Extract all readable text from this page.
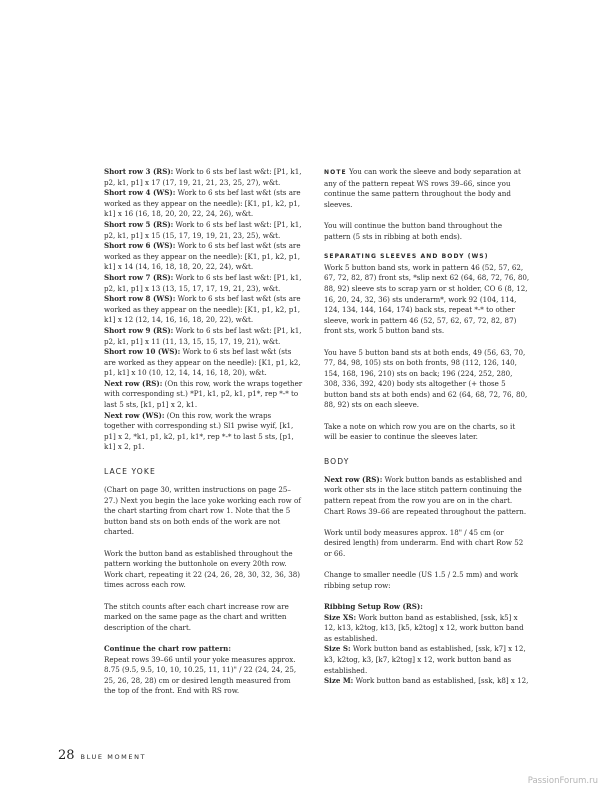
Short row 3 (RS): Work to 6 sts bef last w&t: [P1, k1, p2, k1, p1] x 17 (17, 19, 21, 21, 23, 25, 27), w&t.

Short row 4 (WS): Work to 6 sts bef last w&t (sts are worked as they appear on the needle): [K1, p1, k2, p1, k1] x 16 (16, 18, 20, 20, 22, 24, 26), w&t.

Short row 5 (RS): Work to 6 sts bef last w&t: [P1, k1, p2, k1, p1] x 15 (15, 17, 19, 19, 21, 23, 25), w&t.

Short row 6 (WS): Work to 6 sts bef last w&t (sts are worked as they appear on the needle): [K1, p1, k2, p1, k1] x 14 (14, 16, 18, 18, 20, 22, 24), w&t.

Short row 7 (RS): Work to 6 sts bef last w&t: [P1, k1, p2, k1, p1] x 13 (13, 15, 17, 17, 19, 21, 23), w&t.

Short row 8 (WS): Work to 6 sts bef last w&t (sts are worked as they appear on the needle): [K1, p1, k2, p1, k1] x 12 (12, 14, 16, 16, 18, 20, 22), w&t.

Short row 9 (RS): Work to 6 sts bef last w&t: [P1, k1, p2, k1, p1] x 11 (11, 13, 15, 15, 17, 19, 21), w&t.

Short row 10 (WS): Work to 6 sts bef last w&t (sts are worked as they appear on the needle): [K1, p1, k2, p1, k1] x 10 (10, 12, 14, 14, 16, 18, 20), w&t.

Next row (RS): (On this row, work the wraps together with corresponding st.) *P1, k1, p2, k1, p1*, rep *-* to last 5 sts, [k1, p1] x 2, k1.

Next row (WS): (On this row, work the wraps together with corresponding st.) Sl1 pwise wyif, [k1, p1] x 2, *k1, p1, k2, p1, k1*, rep *-* to last 5 sts, [p1, k1] x 2, p1.

LACE YOKE

(Chart on page 30, written instructions on page 25–27.) Next you begin the lace yoke working each row of the chart starting from chart row 1. Note that the 5 button band sts on both ends of the work are not charted.

Work the button band as established throughout the pattern working the buttonhole on every 20th row. Work chart, repeating it 22 (24, 26, 28, 30, 32, 36, 38) times across each row.

The stitch counts after each chart increase row are marked on the same page as the chart and written description of the chart.

Continue the chart row pattern:

Repeat rows 39–66 until your yoke measures approx. 8.75 (9.5, 9.5, 10, 10, 10.25, 11, 11)" / 22 (24, 24, 25, 25, 26, 28, 28) cm or desired length measured from the top of the front. End with RS row.

NOTE You can work the sleeve and body separation at any of the pattern repeat WS rows 39–66, since you continue the same pattern throughout the body and sleeves.

You will continue the button band throughout the pattern (5 sts in ribbing at both ends).

SEPARATING SLEEVES AND BODY (WS)

Work 5 button band sts, work in pattern 46 (52, 57, 62, 67, 72, 82, 87) front sts, *slip next 62 (64, 68, 72, 76, 80, 88, 92) sleeve sts to scrap yarn or st holder, CO 6 (8, 12, 16, 20, 24, 32, 36) sts underarm*, work 92 (104, 114, 124, 134, 144, 164, 174) back sts, repeat *-* to other sleeve, work in pattern 46 (52, 57, 62, 67, 72, 82, 87) front sts, work 5 button band sts.

You have 5 button band sts at both ends, 49 (56, 63, 70, 77, 84, 98, 105) sts on both fronts, 98 (112, 126, 140, 154, 168, 196, 210) sts on back; 196 (224, 252, 280, 308, 336, 392, 420) body sts altogether (+ those 5 button band sts at both ends) and 62 (64, 68, 72, 76, 80, 88, 92) sts on each sleeve.

Take a note on which row you are on the charts, so it will be easier to continue the sleeves later.

BODY

Next row (RS): Work button bands as established and work other sts in the lace stitch pattern continuing the pattern repeat from the row you are on in the chart. Chart Rows 39–66 are repeated throughout the pattern.

Work until body measures approx. 18" / 45 cm (or desired length) from underarm. End with chart Row 52 or 66.

Change to smaller needle (US 1.5 / 2.5 mm) and work ribbing setup row:

Ribbing Setup Row (RS):

Size XS: Work button band as established, [ssk, k5] x 12, k13, k2tog, k13, [k5, k2tog] x 12, work button band as established.

Size S: Work button band as established, [ssk, k7] x 12, k3, k2tog, k3, [k7, k2tog] x 12, work button band as established.

Size M: Work button band as established, [ssk, k8] x 12,

28 BLUE MOMENT
PassionForum.ru
